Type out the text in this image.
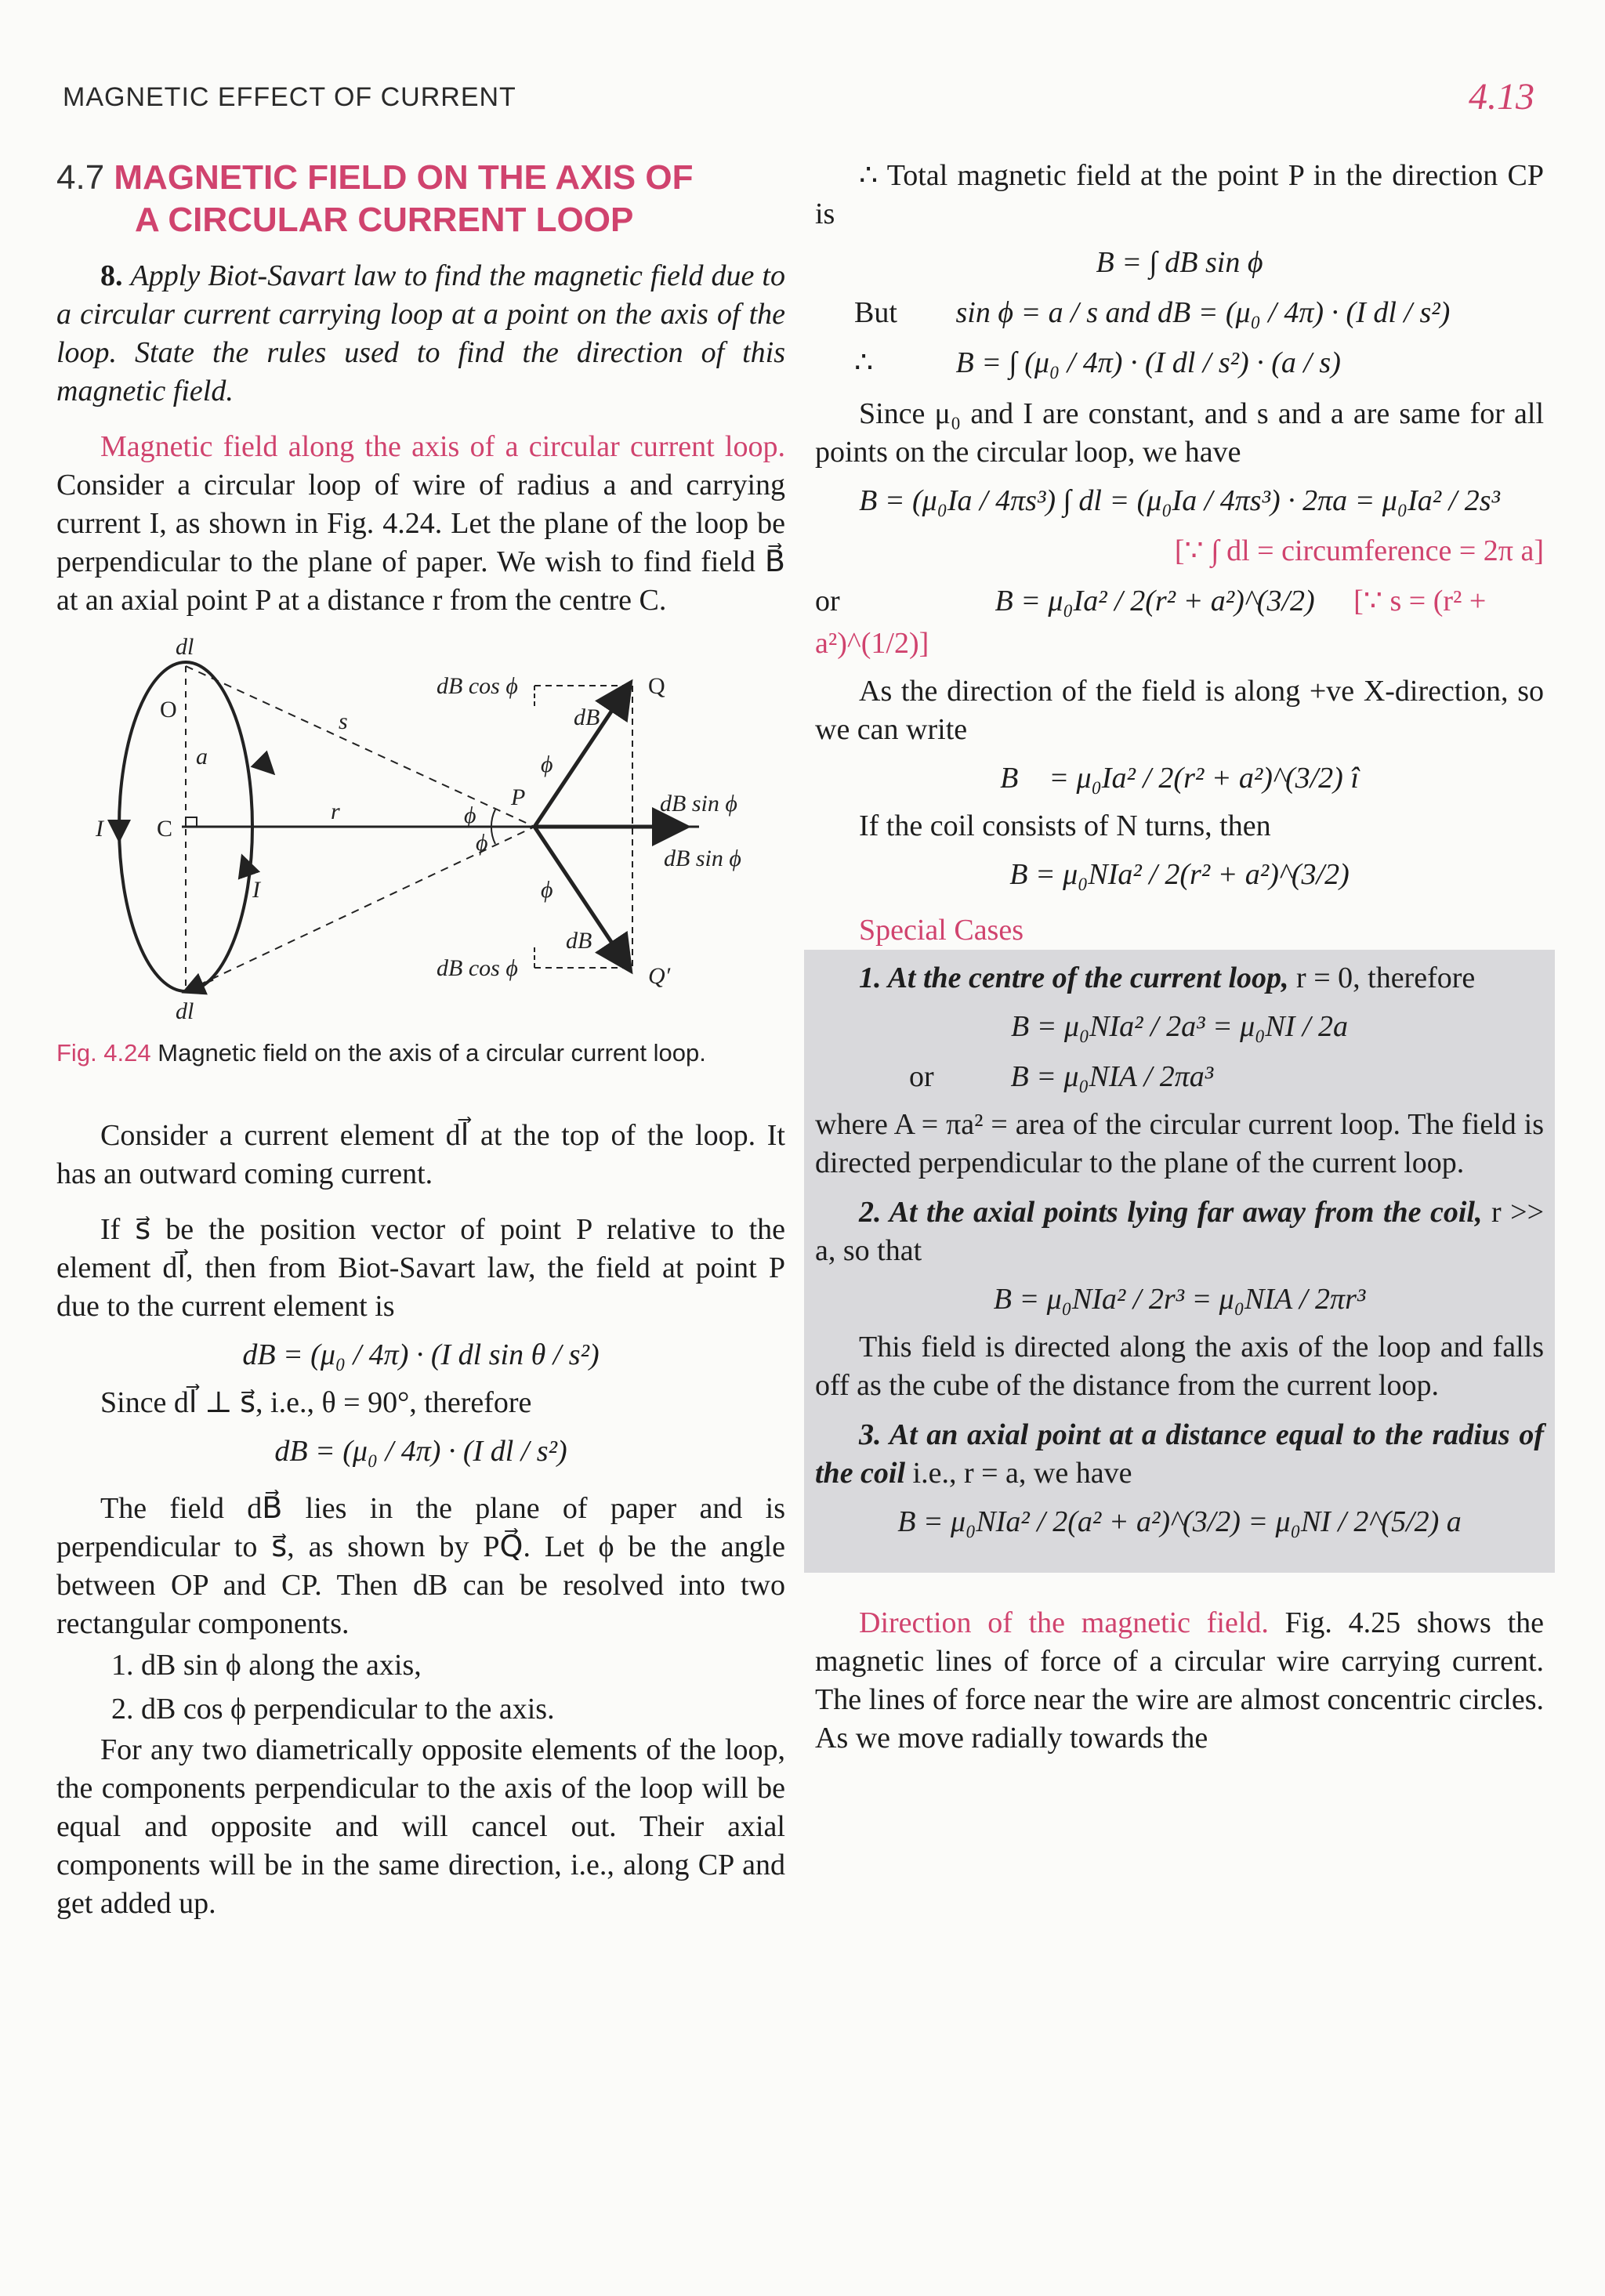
MAGNETIC EFFECT OF CURRENT	4.13
4.7 MAGNETIC FIELD ON THE AXIS OF
A CIRCULAR CURRENT LOOP

8. Apply Biot-Savart law to find the magnetic field due to a circular current carrying loop at a point on the axis of the loop. State the rules used to find the direction of this magnetic field.

Magnetic field along the axis of a circular current loop. Consider a circular loop of wire of radius a and carrying current I, as shown in Fig. 4.24. Let the plane of the loop be perpendicular to the plane of paper. We wish to find field B⃗ at an axial point P at a distance r from the centre C.

dl
dl
O
a
C
I
I
s
r
P
ϕ
ϕ
ϕ
ϕ
dB cos ϕ
dB
Q
dB sin ϕ
dB sin ϕ
dB
dB cos ϕ	Q′
Fig. 4.24 Magnetic field on the axis of a circular current loop.

Consider a current element dl⃗ at the top of the loop. It has an outward coming current.

If s⃗ be the position vector of point P relative to the element dl⃗, then from Biot-Savart law, the field at point P due to the current element is

dB = (μ₀ / 4π) · (I dl sin θ / s²)

Since dl⃗ ⊥ s⃗, i.e., θ = 90°, therefore

dB = (μ₀ / 4π) · (I dl / s²)

The field dB⃗ lies in the plane of paper and is perpendicular to s⃗, as shown by PQ⃗. Let ϕ be the angle between OP and CP. Then dB can be resolved into two rectangular components.

1. dB sin ϕ along the axis,
2. dB cos ϕ perpendicular to the axis.

For any two diametrically opposite elements of the loop, the components perpendicular to the axis of the loop will be equal and opposite and will cancel out. Their axial components will be in the same direction, i.e., along CP and get added up.

∴ Total magnetic field at the point P in the direction CP is

B = ∫ dB sin ϕ
But sin ϕ = a / s and dB = (μ₀ / 4π) · (I dl / s²)
∴	B = ∫ (μ₀ / 4π) · (I dl / s²) · (a / s)

Since μ₀ and I are constant, and s and a are same for all points on the circular loop, we have

B = (μ₀Ia / 4πs³) ∫ dl = (μ₀Ia / 4πs³) · 2πa = μ₀Ia² / 2s³
[∵ ∫ dl = circumference = 2π a]
or	B = μ₀Ia² / 2(r² + a²)^(3/2) [∵ s = (r² + a²)^(1/2)]

As the direction of the field is along +ve X-direction, so we can write

B⃗ = μ₀Ia² / 2(r² + a²)^(3/2) î

If the coil consists of N turns, then

B = μ₀NIa² / 2(r² + a²)^(3/2)

Special Cases

1. At the centre of the current loop, r = 0, therefore

B = μ₀NIa² / 2a³ = μ₀NI / 2a
or	B = μ₀NIA / 2πa³

where A = πa² = area of the circular current loop. The field is directed perpendicular to the plane of the current loop.

2. At the axial points lying far away from the coil, r >> a, so that

B = μ₀NIa² / 2r³ = μ₀NIA / 2πr³

This field is directed along the axis of the loop and falls off as the cube of the distance from the current loop.

3. At an axial point at a distance equal to the radius of the coil i.e., r = a, we have

B = μ₀NIa² / 2(a² + a²)^(3/2) = μ₀NI / 2^(5/2) a

Direction of the magnetic field. Fig. 4.25 shows the magnetic lines of force of a circular wire carrying current. The lines of force near the wire are almost concentric circles. As we move radially towards the
